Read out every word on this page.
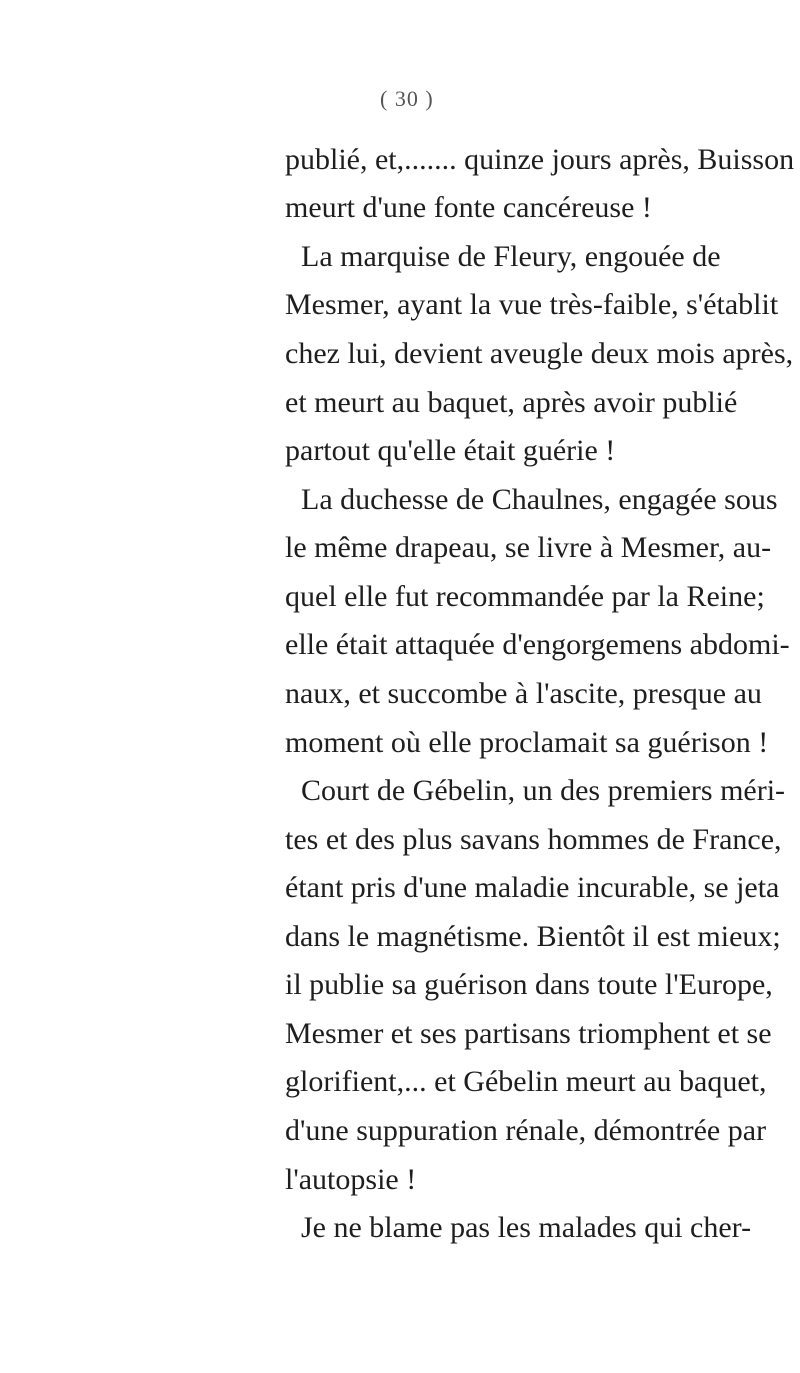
( 30 )
publié, et,....... quinze jours après, Buisson
meurt d'une fonte cancéreuse !
La marquise de Fleury, engouée de
Mesmer, ayant la vue très-faible, s'établit
chez lui, devient aveugle deux mois après,
et meurt au baquet, après avoir publié
partout qu'elle était guérie !
La duchesse de Chaulnes, engagée sous
le même drapeau, se livre à Mesmer, au-
quel elle fut recommandée par la Reine;
elle était attaquée d'engorgemens abdomi-
naux, et succombe à l'ascite, presque au
moment où elle proclamait sa guérison !
Court de Gébelin, un des premiers méri-
tes et des plus savans hommes de France,
étant pris d'une maladie incurable, se jeta
dans le magnétisme. Bientôt il est mieux;
il publie sa guérison dans toute l'Europe,
Mesmer et ses partisans triomphent et se
glorifient,... et Gébelin meurt au baquet,
d'une suppuration rénale, démontrée par
l'autopsie !
Je ne blame pas les malades qui cher-
